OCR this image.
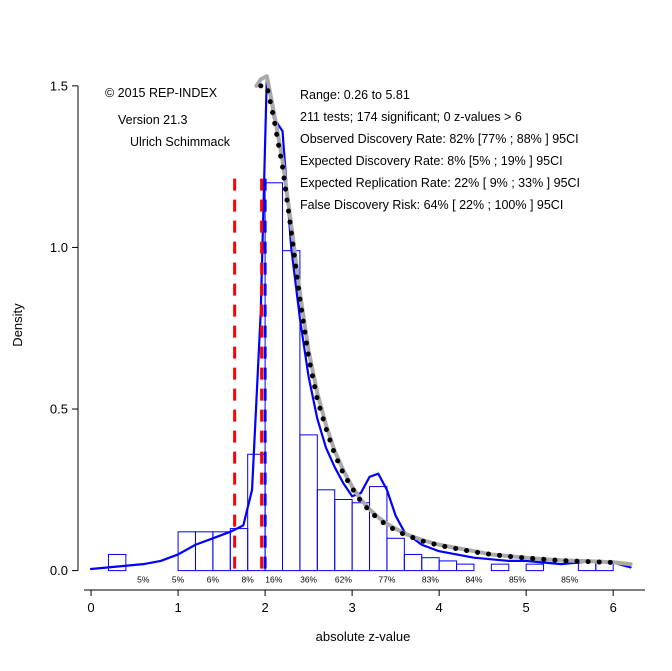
0	1	2	3	4	5	6
0.0
0.5
1.0
1.5
absolute z-value
Density
5%	5%	6%	8% 16% 36% 62%	77%	83%	84%	85%	85%
© 2015 REP-INDEX
Version 21.3
Ulrich Schimmack
Range: 0.26 to 5.81
211 tests; 174 significant; 0 z-values > 6
Observed Discovery Rate: 82% [77% ; 88% ] 95CI
Expected Discovery Rate: 8% [5% ; 19% ] 95CI
Expected Replication Rate: 22% [ 9% ; 33% ] 95CI
False Discovery Risk: 64% [ 22% ; 100% ] 95CI
